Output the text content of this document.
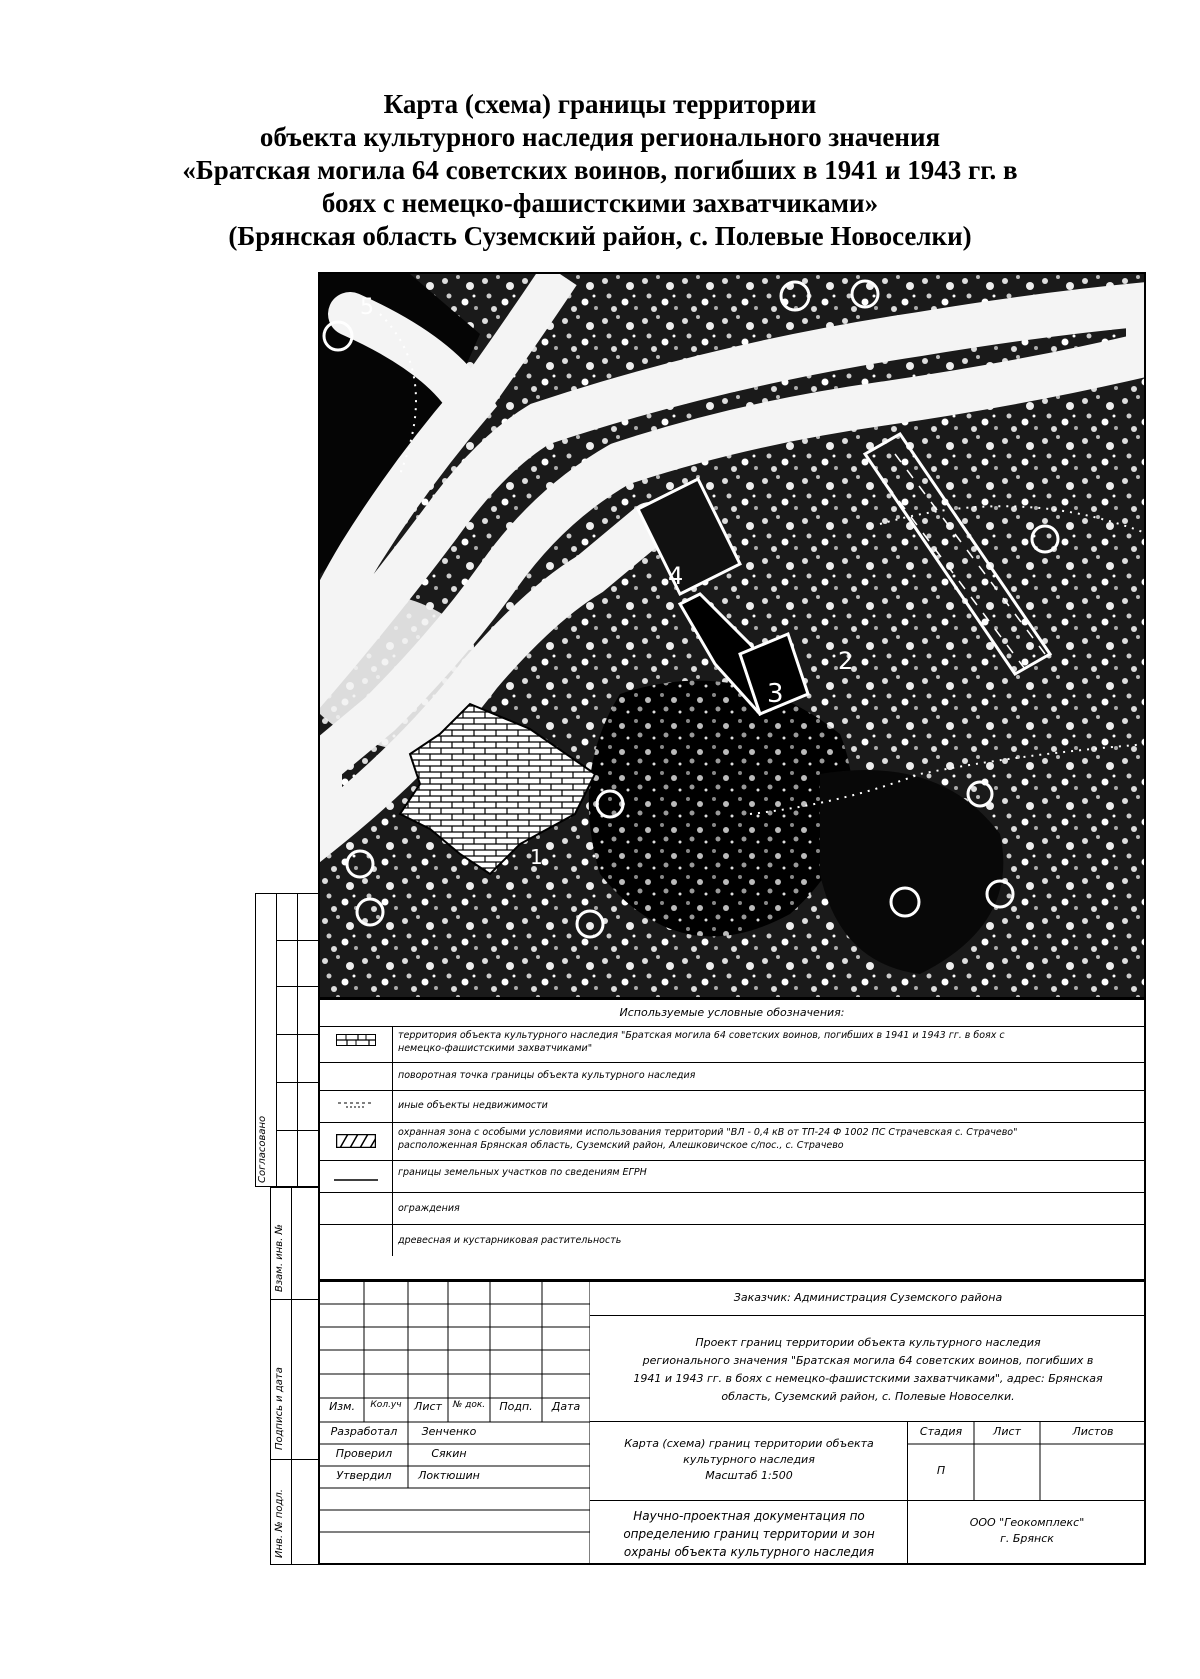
Карта (схема) границы территории
объекта культурного наследия регионального значения
«Братская могила 64 советских воинов, погибших в 1941 и 1943 гг. в
боях с немецко-фашистскими захватчиками»
(Брянская область Суземский район, с. Полевые Новоселки)
5
4
2
3
1
Используемые условные обозначения:
территория объекта культурного наследия "Братская могила 64 советских воинов, погибших в 1941 и 1943 гг. в боях с
немецко-фашистскими захватчиками"
поворотная точка границы объекта культурного наследия
иные объекты недвижимости
охранная зона с особыми условиями использования территорий "ВЛ - 0,4 кВ от ТП-24 Ф 1002 ПС Страчевская с. Страчево"
расположенная Брянская область, Суземский район, Алешковичское с/пос., с. Страчево
границы земельных участков по сведениям ЕГРН
ограждения
древесная и кустарниковая растительность
Согласовано
Взам. инв. №
Подпись и дата
Инв. № подл.
Изм.	Кол.уч	Лист	№ док.	Подп.	Дата
Разработал	Зенченко
Проверил	Сякин
Утвердил	Локтюшин
Заказчик: Администрация Суземского района
Проект границ территории объекта культурного наследия
регионального значения "Братская могила 64 советских воинов, погибших в
1941 и 1943 гг. в боях с немецко-фашистскими захватчиками", адрес: Брянская
область, Суземский район, с. Полевые Новоселки.
Карта (схема) границ территории объекта
культурного наследия
Масштаб 1:500
Стадия	Лист	Листов
П
Научно-проектная документация по
определению границ территории и зон
охраны объекта культурного наследия
ООО "Геокомплекс"
г. Брянск
